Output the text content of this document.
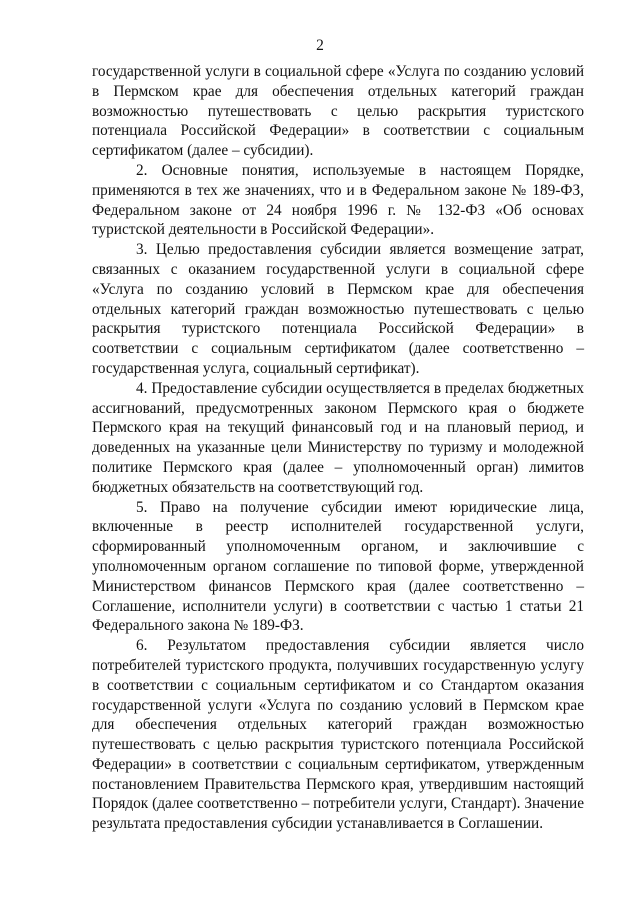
2

государственной услуги в социальной сфере «Услуга по созданию условий в Пермском крае для обеспечения отдельных категорий граждан возможностью путешествовать с целью раскрытия туристского потенциала Российской Федерации» в соответствии с социальным сертификатом (далее – субсидии).

2. Основные понятия, используемые в настоящем Порядке, применяются в тех же значениях, что и в Федеральном законе № 189-ФЗ, Федеральном законе от 24 ноября 1996 г. № 132-ФЗ «Об основах туристской деятельности в Российской Федерации».

3. Целью предоставления субсидии является возмещение затрат, связанных с оказанием государственной услуги в социальной сфере «Услуга по созданию условий в Пермском крае для обеспечения отдельных категорий граждан возможностью путешествовать с целью раскрытия туристского потенциала Российской Федерации» в соответствии с социальным сертификатом (далее соответственно – государственная услуга, социальный сертификат).

4. Предоставление субсидии осуществляется в пределах бюджетных ассигнований, предусмотренных законом Пермского края о бюджете Пермского края на текущий финансовый год и на плановый период, и доведенных на указанные цели Министерству по туризму и молодежной политике Пермского края (далее – уполномоченный орган) лимитов бюджетных обязательств на соответствующий год.

5. Право на получение субсидии имеют юридические лица, включенные в реестр исполнителей государственной услуги, сформированный уполномоченным органом, и заключившие с уполномоченным органом соглашение по типовой форме, утвержденной Министерством финансов Пермского края (далее соответственно – Соглашение, исполнители услуги) в соответствии с частью 1 статьи 21 Федерального закона № 189-ФЗ.

6. Результатом предоставления субсидии является число потребителей туристского продукта, получивших государственную услугу в соответствии с социальным сертификатом и со Стандартом оказания государственной услуги «Услуга по созданию условий в Пермском крае для обеспечения отдельных категорий граждан возможностью путешествовать с целью раскрытия туристского потенциала Российской Федерации» в соответствии с социальным сертификатом, утвержденным постановлением Правительства Пермского края, утвердившим настоящий Порядок (далее соответственно – потребители услуги, Стандарт). Значение результата предоставления субсидии устанавливается в Соглашении.
